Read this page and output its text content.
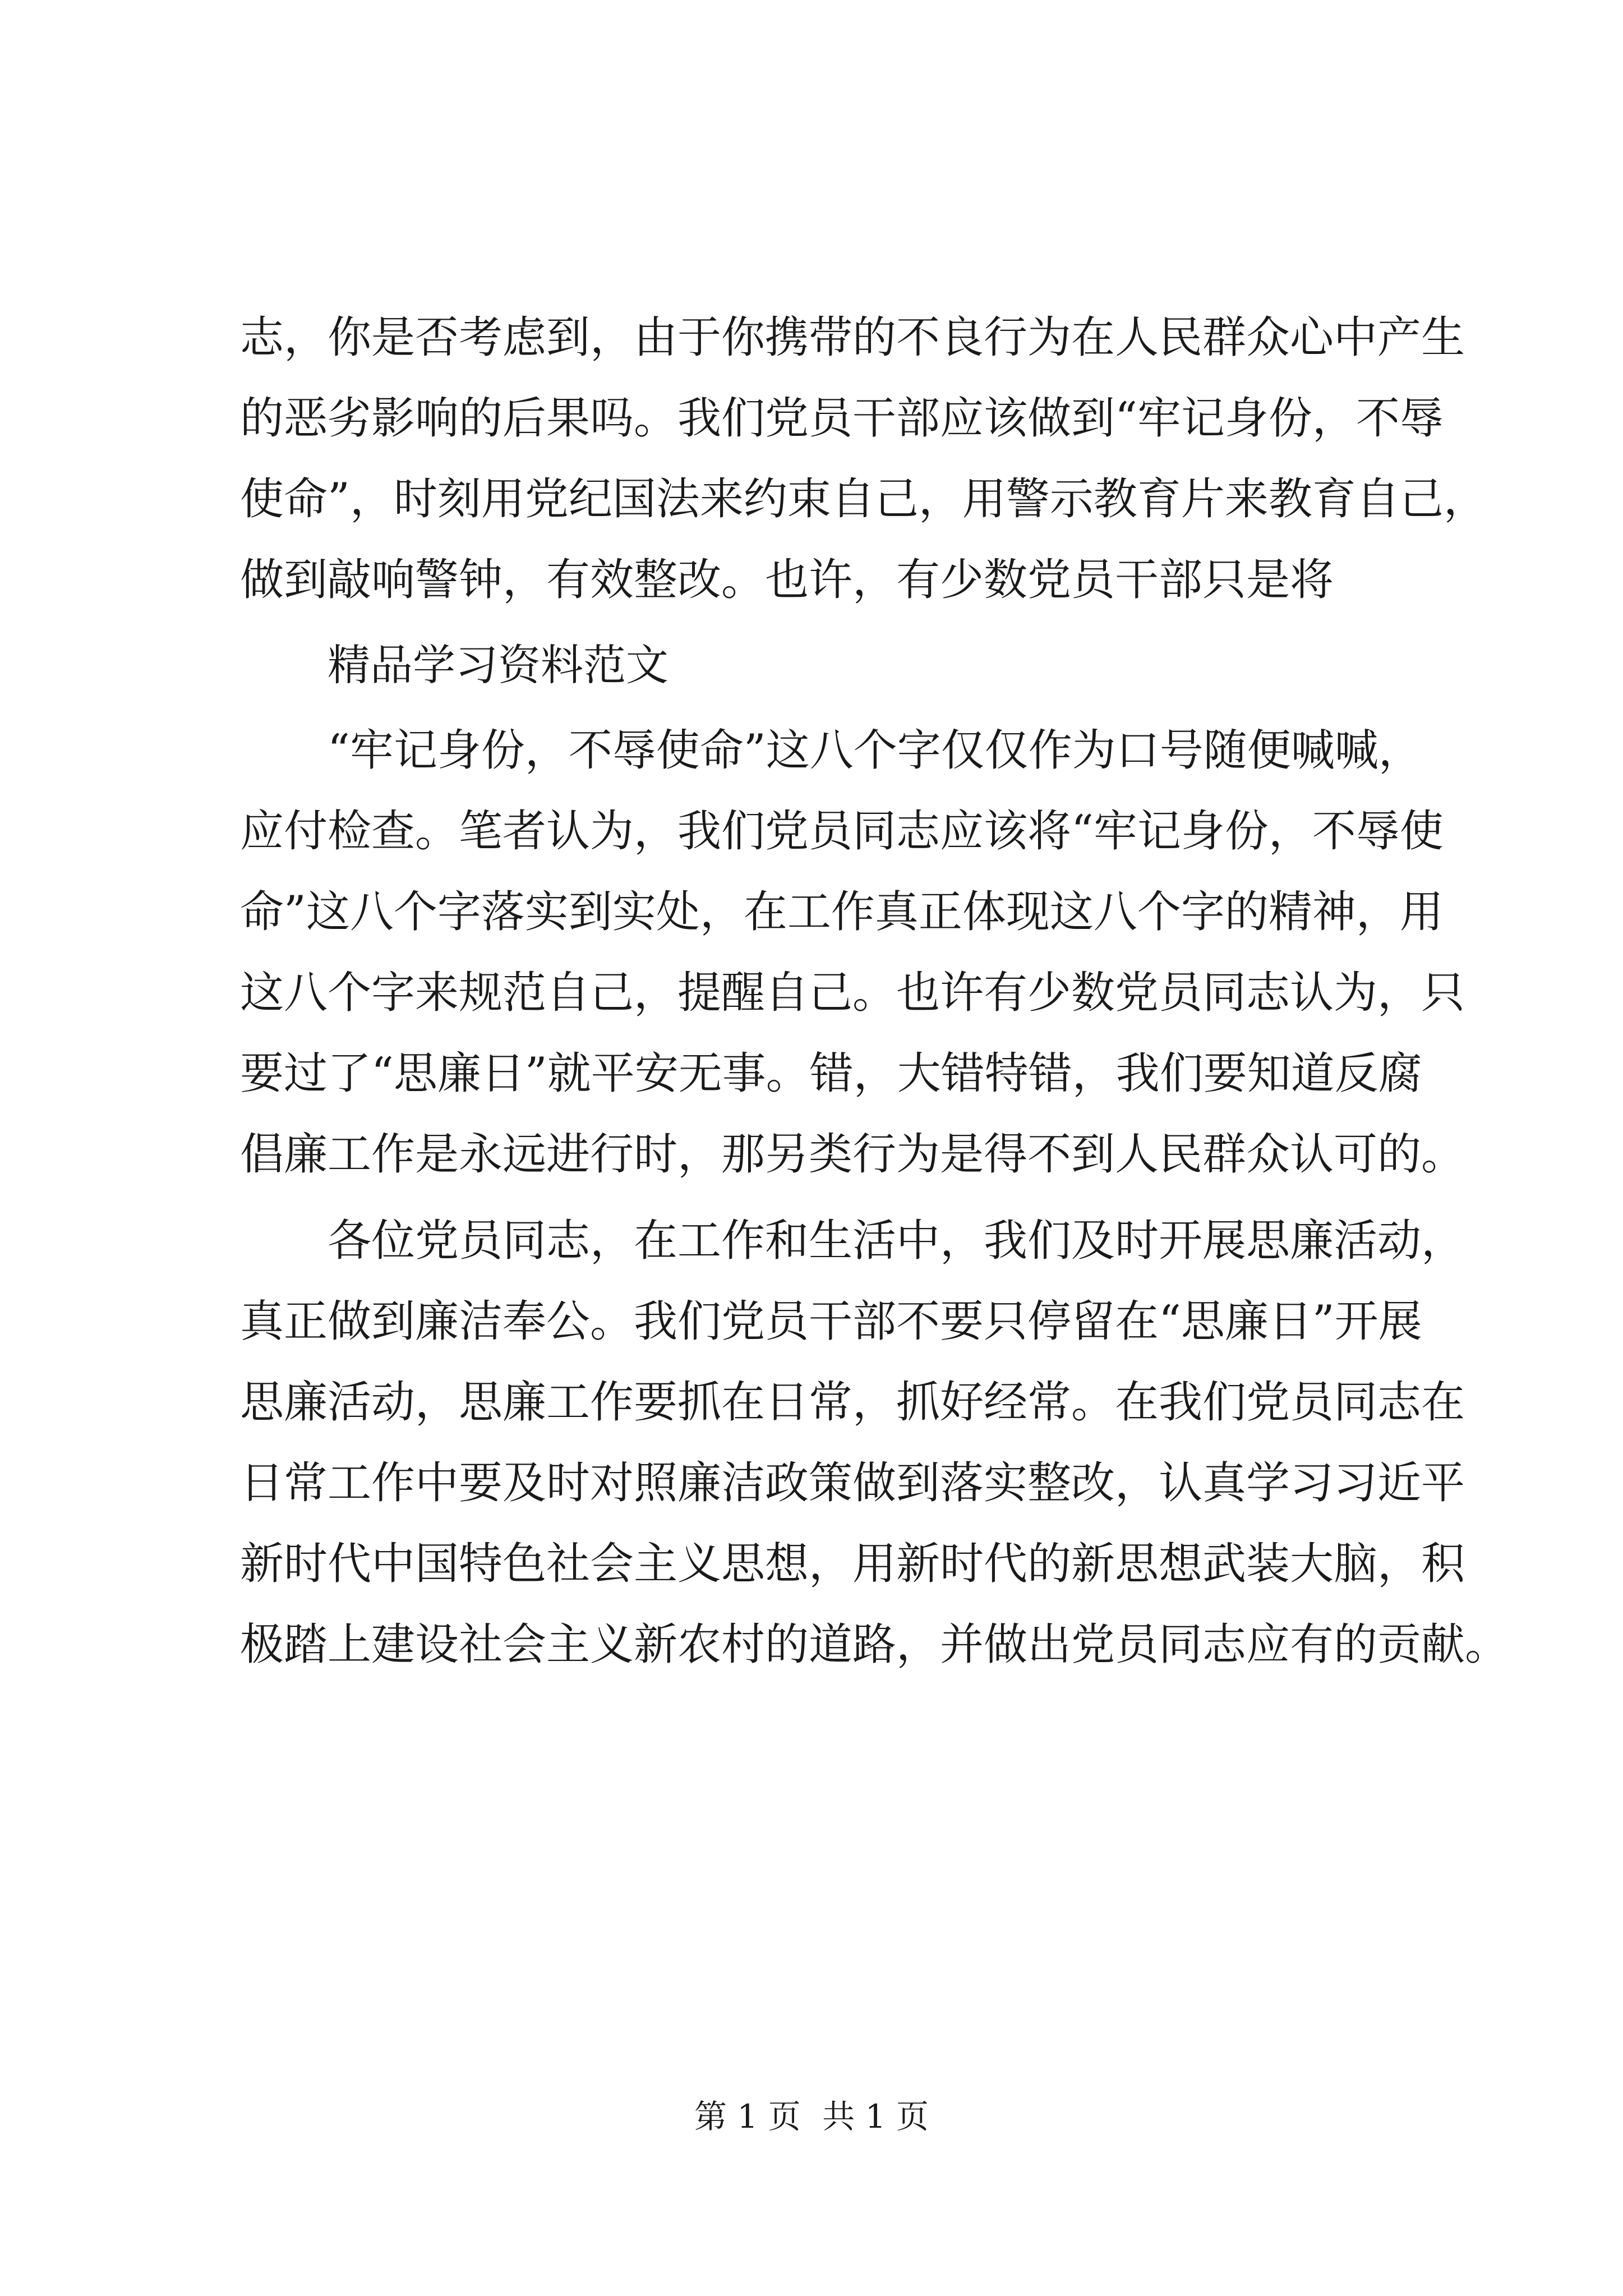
志，你是否考虑到，由于你携带的不良行为在人民群众心中产生
的恶劣影响的后果吗。我们党员干部应该做到“牢记身份，不辱
使命”，时刻用党纪国法来约束自己，用警示教育片来教育自己，
做到敲响警钟，有效整改。也许，有少数党员干部只是将
精品学习资料范文
“牢记身份，不辱使命”这八个字仅仅作为口号随便喊喊，
应付检查。笔者认为，我们党员同志应该将“牢记身份，不辱使
命”这八个字落实到实处，在工作真正体现这八个字的精神，用
这八个字来规范自己，提醒自己。也许有少数党员同志认为，只
要过了“思廉日”就平安无事。错，大错特错，我们要知道反腐
倡廉工作是永远进行时，那另类行为是得不到人民群众认可的。
各位党员同志，在工作和生活中，我们及时开展思廉活动，
真正做到廉洁奉公。我们党员干部不要只停留在“思廉日”开展
思廉活动，思廉工作要抓在日常，抓好经常。在我们党员同志在
日常工作中要及时对照廉洁政策做到落实整改，认真学习习近平
新时代中国特色社会主义思想，用新时代的新思想武装大脑，积
极踏上建设社会主义新农村的道路，并做出党员同志应有的贡献。
第 1 页 共 1 页
